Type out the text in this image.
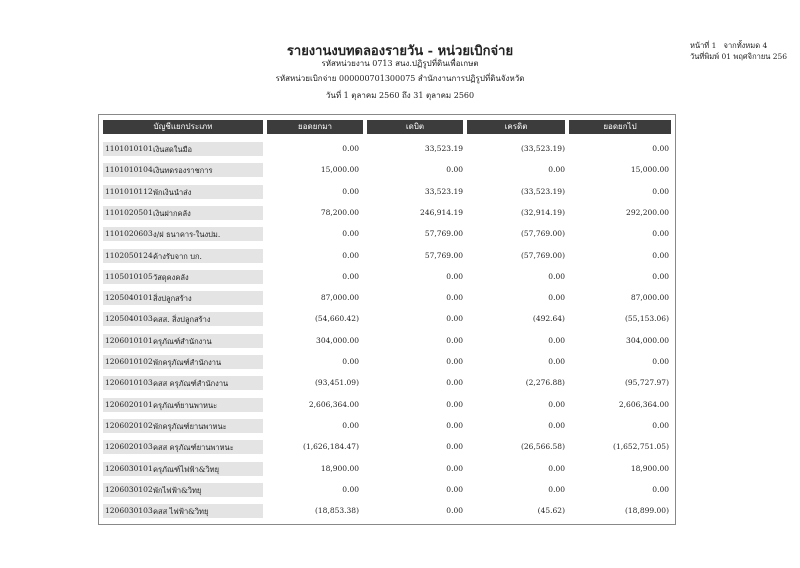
รายงานงบทดลองรายวัน - หน่วยเบิกจ่าย
รหัสหน่วยงาน 0713 สนง.ปฏิรูปที่ดินเพื่อเกษต
รหัสหน่วยเบิกจ่าย 000000701300075 สำนักงานการปฏิรูปที่ดินจังหวัด
วันที่ 1 ตุลาคม 2560 ถึง 31 ตุลาคม 2560
หน้าที่ 1 จากทั้งหมด 4
วันที่พิมพ์ 01 พฤศจิกายน 256
บัญชีแยกประเภท	ยอดยกมา	เดบิต	เครดิต	ยอดยกไป
1101010101 เงินสดในมือ	0.00	33,523.19	(33,523.19)	0.00
1101010104 เงินทดรองราชการ	15,000.00	0.00	0.00	15,000.00
1101010112 พักเงินนำส่ง	0.00	33,523.19	(33,523.19)	0.00
1101020501 เงินฝากคลัง	78,200.00	246,914.19	(32,914.19)	292,200.00
1101020603 ง/ฝ ธนาคาร-ในงปม.	0.00	57,769.00	(57,769.00)	0.00
1102050124 ค้างรับจาก บก.	0.00	57,769.00	(57,769.00)	0.00
1105010105 วัสดุคงคลัง	0.00	0.00	0.00	0.00
1205040101 สิ่งปลูกสร้าง	87,000.00	0.00	0.00	87,000.00
1205040103 คสส. สิ่งปลูกสร้าง	(54,660.42)	0.00	(492.64)	(55,153.06)
1206010101 ครุภัณฑ์สำนักงาน	304,000.00	0.00	0.00	304,000.00
1206010102 พักครุภัณฑ์สำนักงาน	0.00	0.00	0.00	0.00
1206010103 คสส ครุภัณฑ์สำนักงาน	(93,451.09)	0.00	(2,276.88)	(95,727.97)
1206020101 ครุภัณฑ์ยานพาหนะ	2,606,364.00	0.00	0.00	2,606,364.00
1206020102 พักครุภัณฑ์ยานพาหนะ	0.00	0.00	0.00	0.00
1206020103 คสส ครุภัณฑ์ยานพาหนะ	(1,626,184.47)	0.00	(26,566.58)	(1,652,751.05)
1206030101 ครุภัณฑ์ไฟฟ้า&วิทยุ	18,900.00	0.00	0.00	18,900.00
1206030102 พักไฟฟ้า&วิทยุ	0.00	0.00	0.00	0.00
1206030103 คสส ไฟฟ้า&วิทยุ	(18,853.38)	0.00	(45.62)	(18,899.00)
